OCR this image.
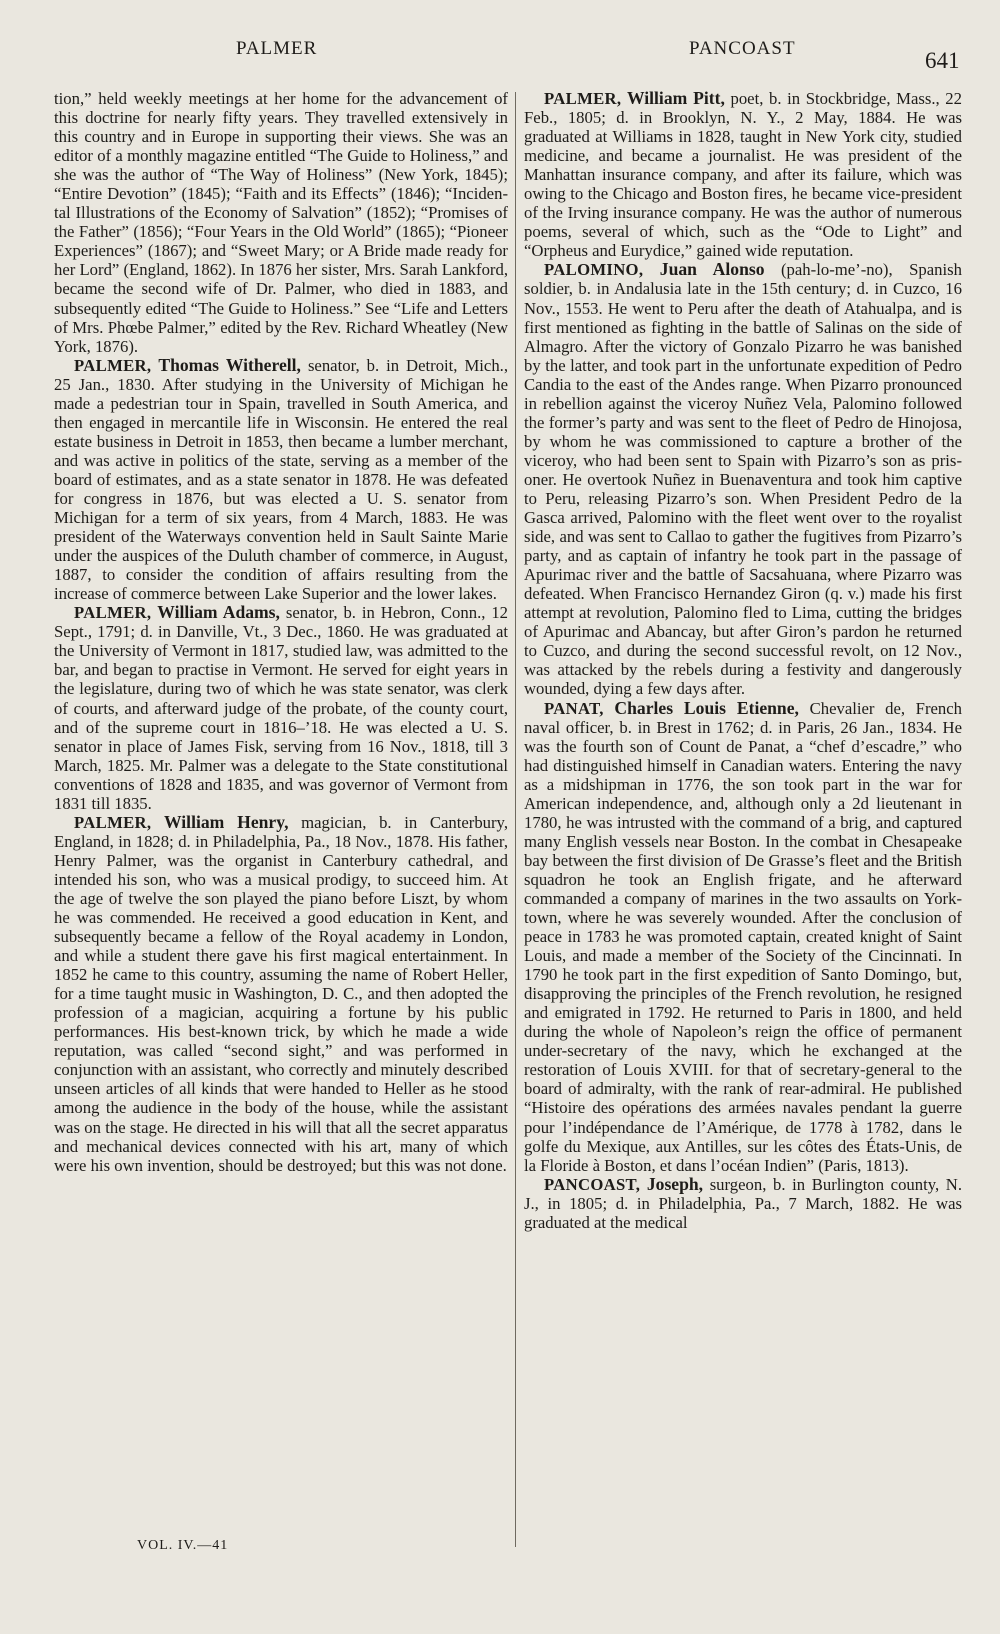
PALMER	PANCOAST	641

tion,” held weekly meetings at her home for the advancement of this doctrine for nearly fifty years. They travelled extensively in this country and in Europe in supporting their views. She was an editor of a monthly magazine entitled “The Guide to Holiness,” and she was the author of “The Way of Holiness” (New York, 1845); “Entire Devotion” (1845); “Faith and its Effects” (1846); “Incidental Illustrations of the Economy of Salvation” (1852); “Promises of the Father” (1856); “Four Years in the Old World” (1865); “Pioneer Experiences” (1867); and “Sweet Mary; or A Bride made ready for her Lord” (England, 1862). In 1876 her sister, Mrs. Sarah Lankford, became the second wife of Dr. Palmer, who died in 1883, and subsequently edited “The Guide to Holiness.” See “Life and Letters of Mrs. Phœbe Palmer,” edited by the Rev. Richard Wheatley (New York, 1876).

PALMER, Thomas Witherell, senator, b. in Detroit, Mich., 25 Jan., 1830. After studying in the University of Michigan he made a pedestrian tour in Spain, travelled in South America, and then engaged in mercantile life in Wisconsin. He entered the real estate business in Detroit in 1853, then became a lumber merchant, and was active in politics of the state, serving as a member of the board of estimates, and as a state senator in 1878. He was defeated for congress in 1876, but was elected a U. S. senator from Michigan for a term of six years, from 4 March, 1883. He was president of the Waterways convention held in Sault Sainte Marie under the auspices of the Duluth chamber of commerce, in August, 1887, to consider the condition of affairs resulting from the increase of commerce between Lake Superior and the lower lakes.

PALMER, William Adams, senator, b. in Hebron, Conn., 12 Sept., 1791; d. in Danville, Vt., 3 Dec., 1860. He was graduated at the University of Vermont in 1817, studied law, was admitted to the bar, and began to practise in Vermont. He served for eight years in the legislature, during two of which he was state senator, was clerk of courts, and afterward judge of the probate, of the county court, and of the supreme court in 1816–’18. He was elected a U. S. senator in place of James Fisk, serving from 16 Nov., 1818, till 3 March, 1825. Mr. Palmer was a delegate to the State constitutional conventions of 1828 and 1835, and was governor of Vermont from 1831 till 1835.

PALMER, William Henry, magician, b. in Canterbury, England, in 1828; d. in Philadelphia, Pa., 18 Nov., 1878. His father, Henry Palmer, was the organist in Canterbury cathedral, and intended his son, who was a musical prodigy, to succeed him. At the age of twelve the son played the piano before Liszt, by whom he was commended. He received a good education in Kent, and subsequently became a fellow of the Royal academy in London, and while a student there gave his first magical entertainment. In 1852 he came to this country, assuming the name of Robert Heller, for a time taught music in Washington, D. C., and then adopted the profession of a magician, acquiring a fortune by his public performances. His best-known trick, by which he made a wide reputation, was called “second sight,” and was performed in conjunction with an assistant, who correctly and minutely described unseen articles of all kinds that were handed to Heller as he stood among the audience in the body of the house, while the assistant was on the stage. He directed in his will that all the secret apparatus and mechanical devices connected with his art, many of which were his own invention, should be destroyed; but this was not done.

PALMER, William Pitt, poet, b. in Stockbridge, Mass., 22 Feb., 1805; d. in Brooklyn, N. Y., 2 May, 1884. He was graduated at Williams in 1828, taught in New York city, studied medicine, and became a journalist. He was president of the Manhattan insurance company, and after its failure, which was owing to the Chicago and Boston fires, he became vice-president of the Irving insurance company. He was the author of numerous poems, several of which, such as the “Ode to Light” and “Orpheus and Eurydice,” gained wide reputation.

PALOMINO, Juan Alonso (pah-lo-me’-no), Spanish soldier, b. in Andalusia late in the 15th century; d. in Cuzco, 16 Nov., 1553. He went to Peru after the death of Atahualpa, and is first mentioned as fighting in the battle of Salinas on the side of Almagro. After the victory of Gonzalo Pizarro he was banished by the latter, and took part in the unfortunate expedition of Pedro Candia to the east of the Andes range. When Pizarro pronounced in rebellion against the viceroy Nuñez Vela, Palomino followed the former’s party and was sent to the fleet of Pedro de Hinojosa, by whom he was commissioned to capture a brother of the viceroy, who had been sent to Spain with Pizarro’s son as prisoner. He overtook Nuñez in Buenaventura and took him captive to Peru, releasing Pizarro’s son. When President Pedro de la Gasca arrived, Palomino with the fleet went over to the royalist side, and was sent to Callao to gather the fugitives from Pizarro’s party, and as captain of infantry he took part in the passage of Apurimac river and the battle of Sacsahuana, where Pizarro was defeated. When Francisco Hernandez Giron (q. v.) made his first attempt at revolution, Palomino fled to Lima, cutting the bridges of Apurimac and Abancay, but after Giron’s pardon he returned to Cuzco, and during the second successful revolt, on 12 Nov., was attacked by the rebels during a festivity and dangerously wounded, dying a few days after.

PANAT, Charles Louis Etienne, Chevalier de, French naval officer, b. in Brest in 1762; d. in Paris, 26 Jan., 1834. He was the fourth son of Count de Panat, a “chef d’escadre,” who had distinguished himself in Canadian waters. Entering the navy as a midshipman in 1776, the son took part in the war for American independence, and, although only a 2d lieutenant in 1780, he was intrusted with the command of a brig, and captured many English vessels near Boston. In the combat in Chesapeake bay between the first division of De Grasse’s fleet and the British squadron he took an English frigate, and he afterward commanded a company of marines in the two assaults on Yorktown, where he was severely wounded. After the conclusion of peace in 1783 he was promoted captain, created knight of Saint Louis, and made a member of the Society of the Cincinnati. In 1790 he took part in the first expedition of Santo Domingo, but, disapproving the principles of the French revolution, he resigned and emigrated in 1792. He returned to Paris in 1800, and held during the whole of Napoleon’s reign the office of permanent under-secretary of the navy, which he exchanged at the restoration of Louis XVIII. for that of secretary-general to the board of admiralty, with the rank of rear-admiral. He published “Histoire des opérations des armées navales pendant la guerre pour l’indépendance de l’Amérique, de 1778 à 1782, dans le golfe du Mexique, aux Antilles, sur les côtes des États-Unis, de la Floride à Boston, et dans l’océan Indien” (Paris, 1813).

PANCOAST, Joseph, surgeon, b. in Burlington county, N. J., in 1805; d. in Philadelphia, Pa., 7 March, 1882. He was graduated at the medical

VOL. IV.—41
